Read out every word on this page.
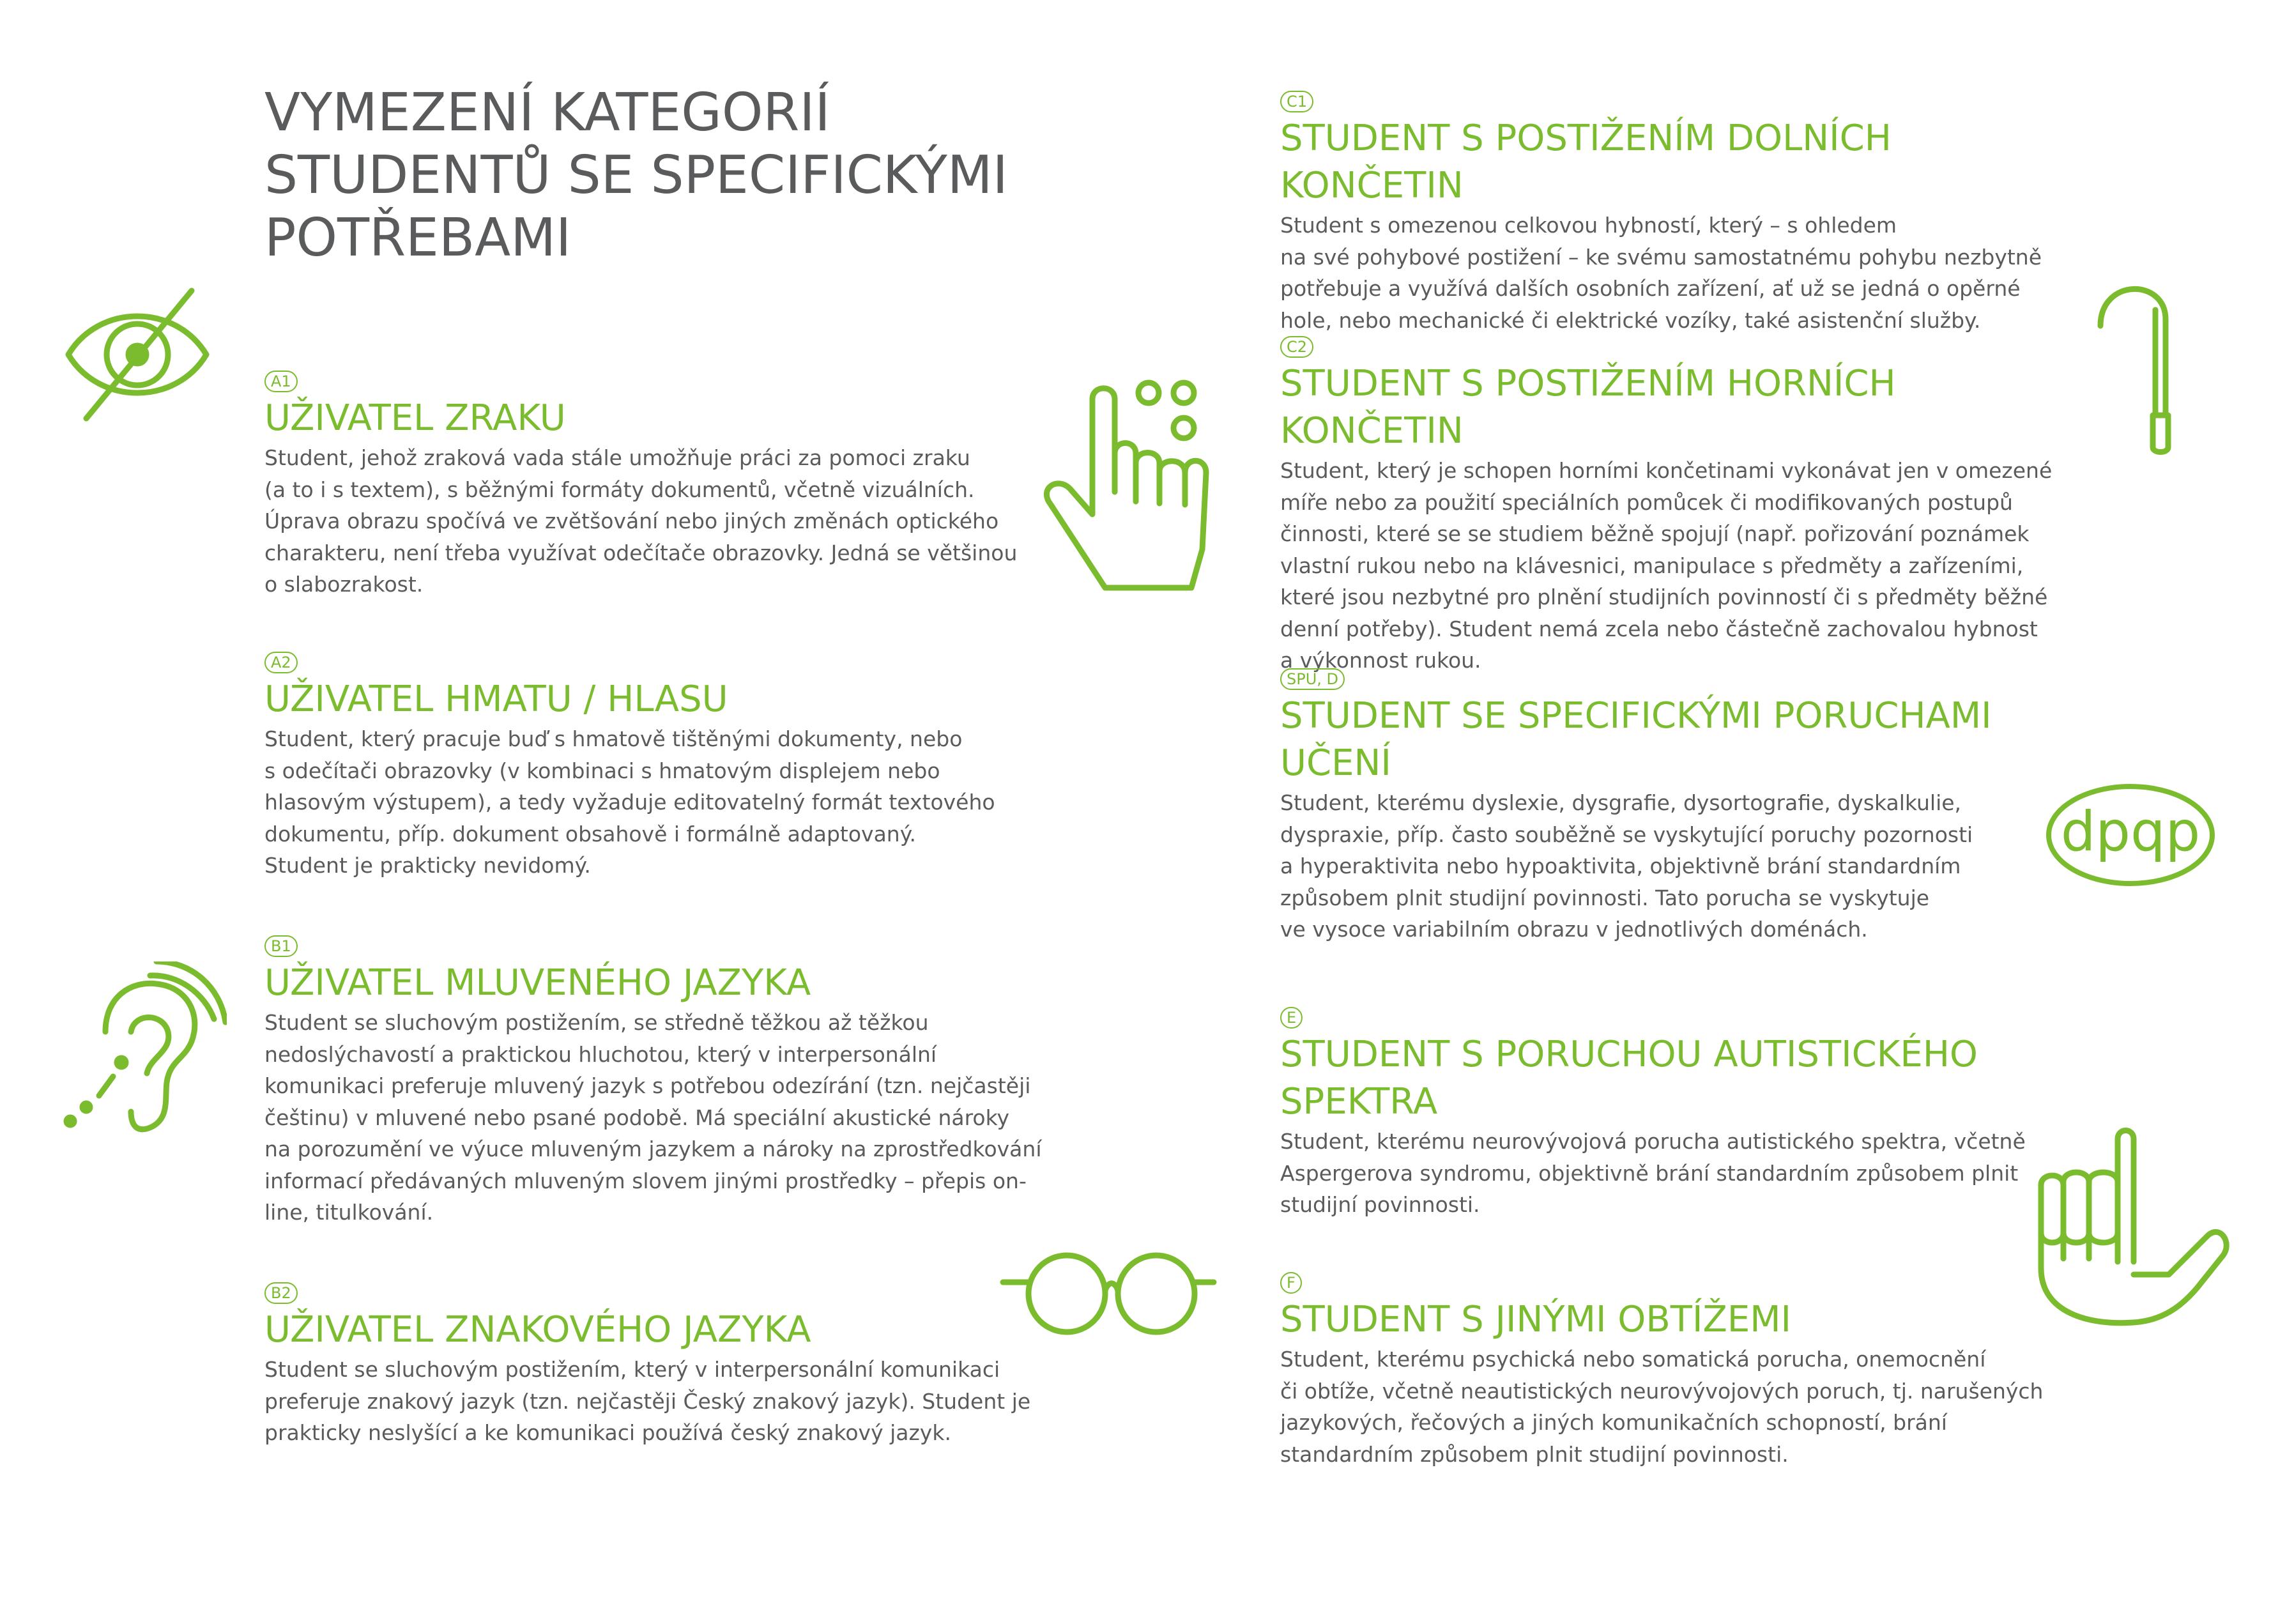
VYMEZENÍ KATEGORIÍ
STUDENTŮ SE SPECIFICKÝMI
POTŘEBAMI
A1
UŽIVATEL ZRAKU

Student, jehož zraková vada stále umožňuje práci za pomoci zraku
(a to i s textem), s běžnými formáty dokumentů, včetně vizuálních.
Úprava obrazu spočívá ve zvětšování nebo jiných změnách optického
charakteru, není třeba využívat odečítače obrazovky. Jedná se většinou
o slabozrakost.

A2
UŽIVATEL HMATU / HLASU

Student, který pracuje buď s hmatově tištěnými dokumenty, nebo
s odečítači obrazovky (v kombinaci s hmatovým displejem nebo
hlasovým výstupem), a tedy vyžaduje editovatelný formát textového
dokumentu, příp. dokument obsahově i formálně adaptovaný.
Student je prakticky nevidomý.

B1
UŽIVATEL MLUVENÉHO JAZYKA

Student se sluchovým postižením, se středně těžkou až těžkou
nedoslýchavostí a praktickou hluchotou, který v interpersonální
komunikaci preferuje mluvený jazyk s potřebou odezírání (tzn. nejčastěji
češtinu) v mluvené nebo psané podobě. Má speciální akustické nároky
na porozumění ve výuce mluveným jazykem a nároky na zprostředkování
informací předávaných mluveným slovem jinými prostředky – přepis on-
line, titulkování.

B2
UŽIVATEL ZNAKOVÉHO JAZYKA

Student se sluchovým postižením, který v interpersonální komunikaci
preferuje znakový jazyk (tzn. nejčastěji Český znakový jazyk). Student je
prakticky neslyšící a ke komunikaci používá český znakový jazyk.

C1
STUDENT S POSTIŽENÍM DOLNÍCH KONČETIN

Student s omezenou celkovou hybností, který – s ohledem
na své pohybové postižení – ke svému samostatnému pohybu nezbytně
potřebuje a využívá dalších osobních zařízení, ať už se jedná o opěrné
hole, nebo mechanické či elektrické vozíky, také asistenční služby.

C2
STUDENT S POSTIŽENÍM HORNÍCH KONČETIN

Student, který je schopen horními končetinami vykonávat jen v omezené
míře nebo za použití speciálních pomůcek či modifikovaných postupů
činnosti, které se se studiem běžně spojují (např. pořizování poznámek
vlastní rukou nebo na klávesnici, manipulace s předměty a zařízeními,
které jsou nezbytné pro plnění studijních povinností či s předměty běžné
denní potřeby). Student nemá zcela nebo částečně zachovalou hybnost
a výkonnost rukou.

SPU, D
STUDENT SE SPECIFICKÝMI PORUCHAMI
UČENÍ

Student, kterému dyslexie, dysgrafie, dysortografie, dyskalkulie,
dyspraxie, příp. často souběžně se vyskytující poruchy pozornosti
a hyperaktivita nebo hypoaktivita, objektivně brání standardním
způsobem plnit studijní povinnosti. Tato porucha se vyskytuje
ve vysoce variabilním obrazu v jednotlivých doménách.

E
STUDENT S PORUCHOU AUTISTICKÉHO
SPEKTRA

Student, kterému neurovývojová porucha autistického spektra, včetně
Aspergerova syndromu, objektivně brání standardním způsobem plnit
studijní povinnosti.

F
STUDENT S JINÝMI OBTÍŽEMI

Student, kterému psychická nebo somatická porucha, onemocnění
či obtíže, včetně neautistických neurovývojových poruch, tj. narušených
jazykových, řečových a jiných komunikačních schopností, brání
standardním způsobem plnit studijní povinnosti.

dpqp
